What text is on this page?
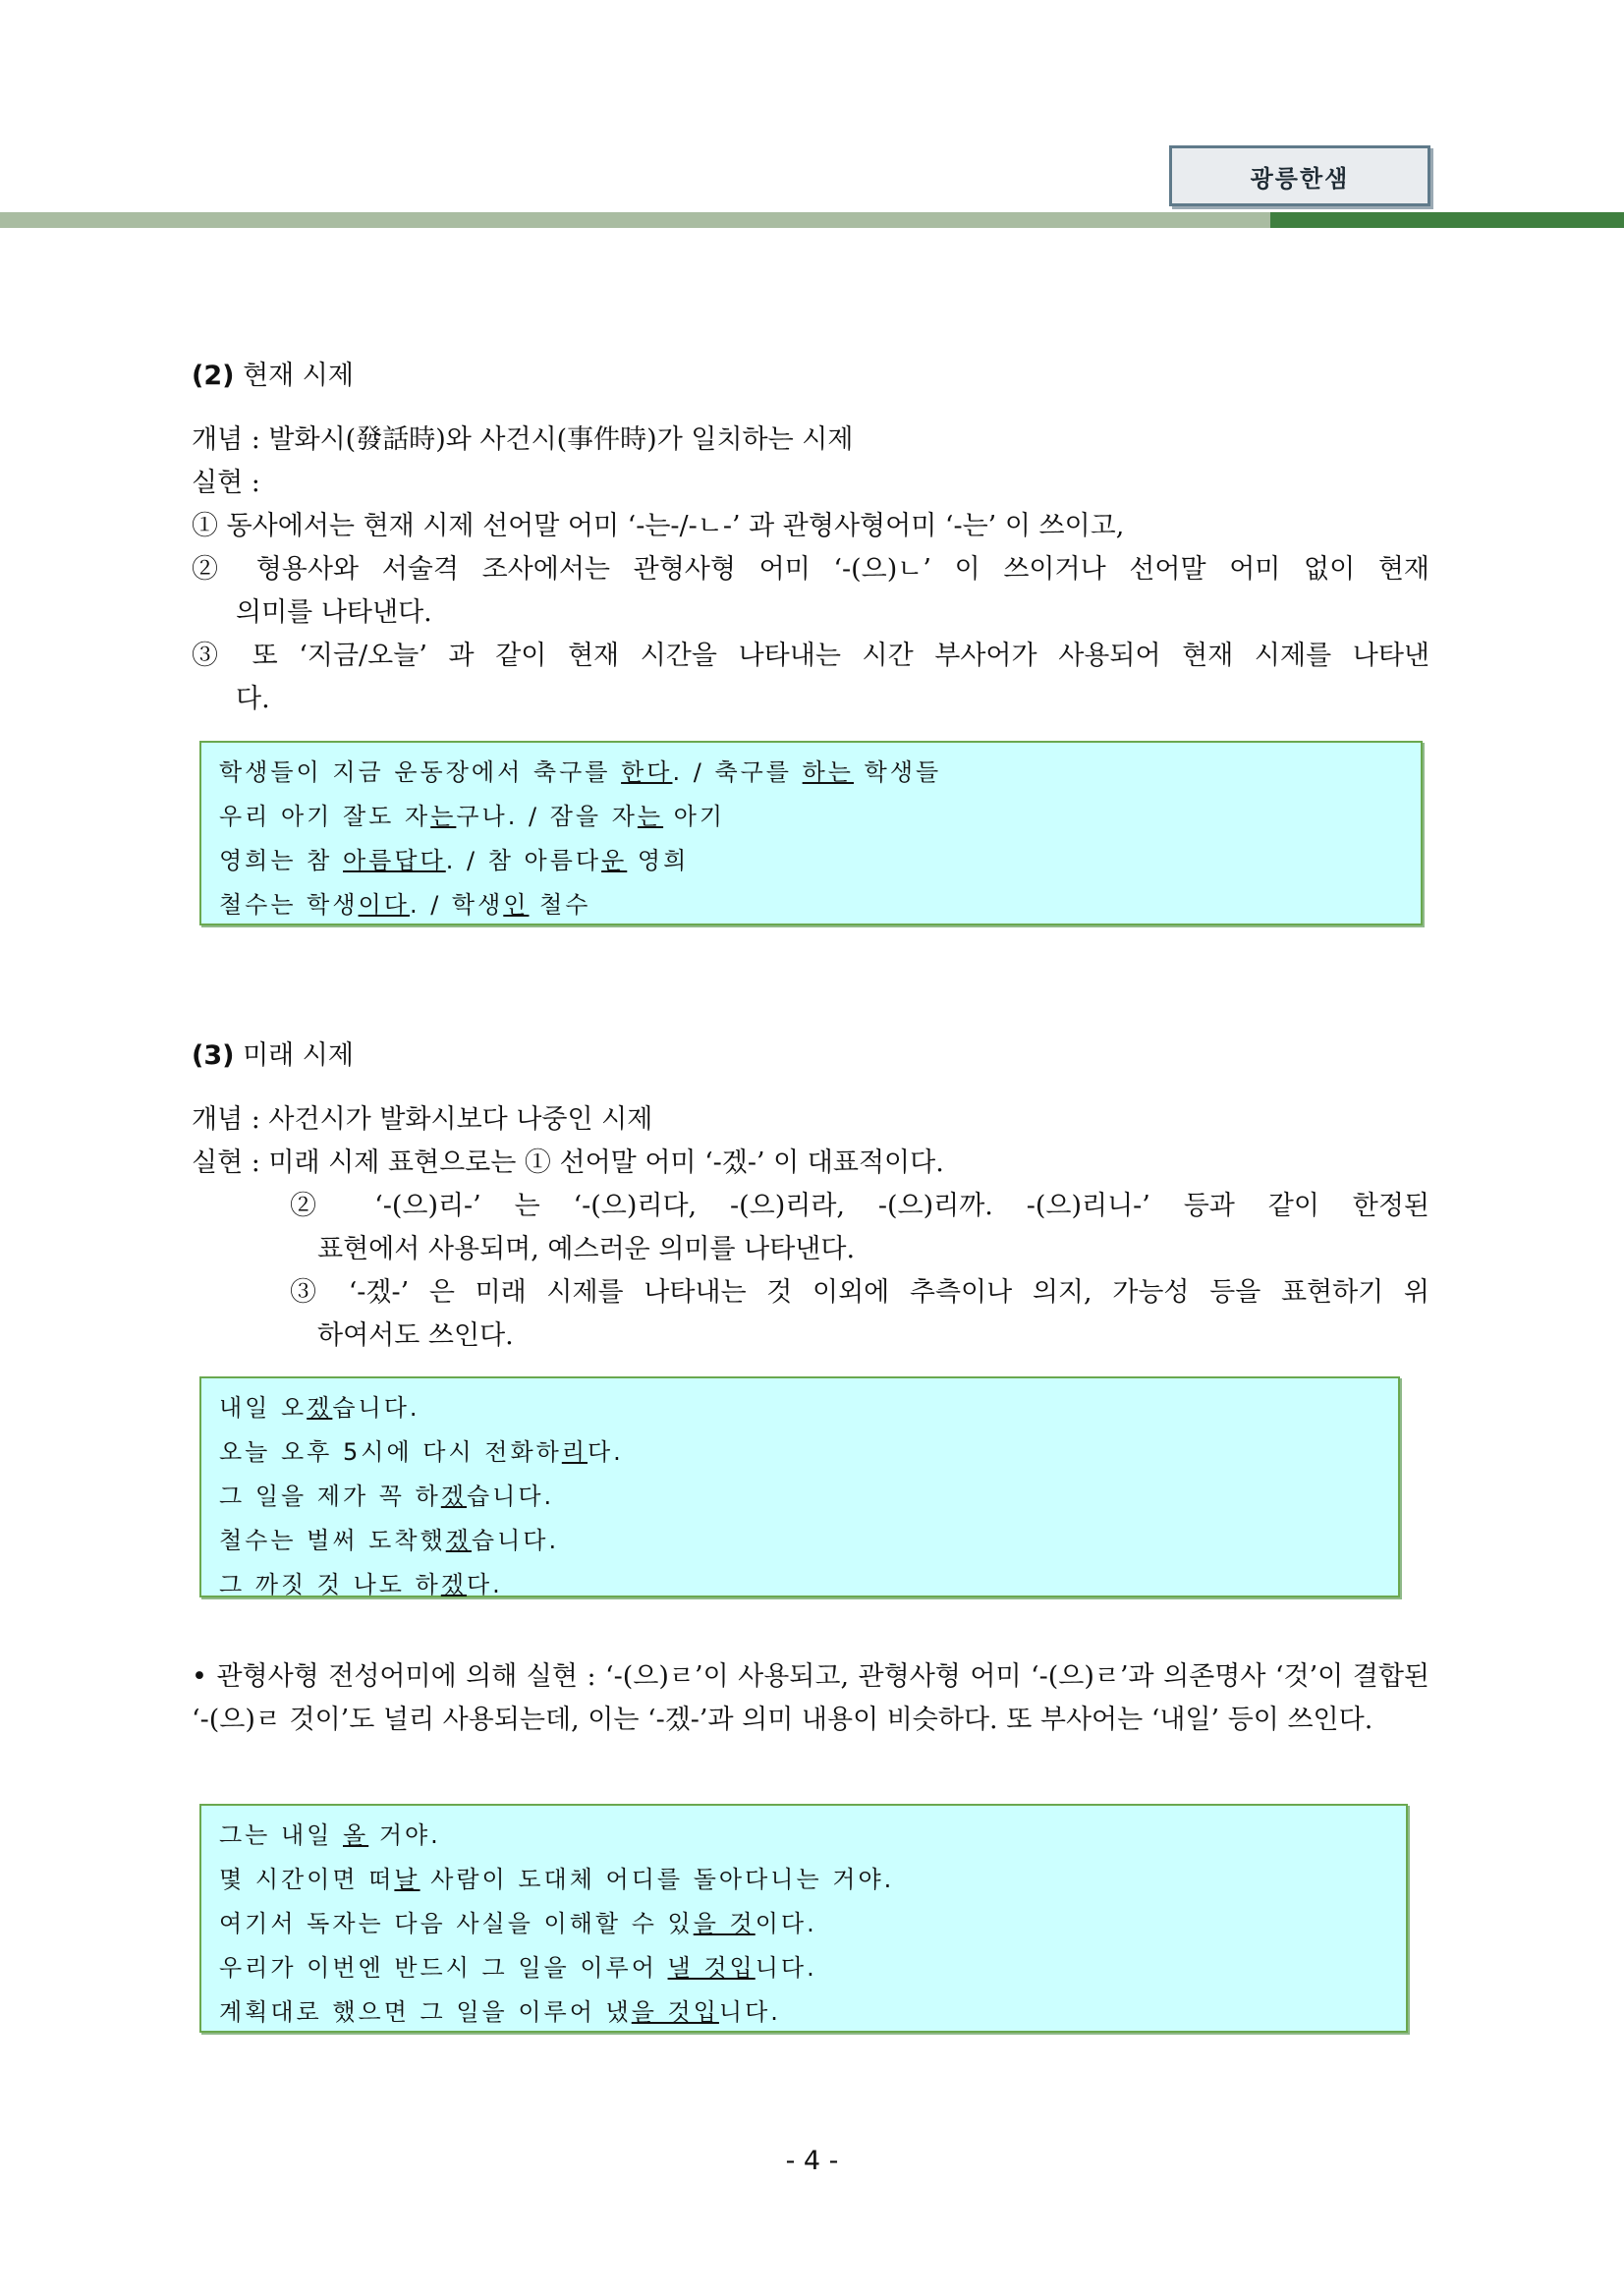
광릉한샘
(2) 현재 시제
개념 : 발화시(發話時)와 사건시(事件時)가 일치하는 시제
실현 :
① 동사에서는 현재 시제 선어말 어미 ‘-는-/-ㄴ-’ 과 관형사형어미 ‘-는’ 이 쓰이고,
② 형용사와 서술격 조사에서는 관형사형 어미 ‘-(으)ㄴ’ 이 쓰이거나 선어말 어미 없이 현재
의미를 나타낸다.
③ 또 ‘지금/오늘’ 과 같이 현재 시간을 나타내는 시간 부사어가 사용되어 현재 시제를 나타낸
다.
학생들이 지금 운동장에서 축구를 한다. / 축구를 하는 학생들
우리 아기 잘도 자는구나. / 잠을 자는 아기
영희는 참 아름답다. / 참 아름다운 영희
철수는 학생이다. / 학생인 철수
(3) 미래 시제
개념 : 사건시가 발화시보다 나중인 시제
실현 : 미래 시제 표현으로는 ① 선어말 어미 ‘-겠-’ 이 대표적이다.
② ‘-(으)리-’ 는 ‘-(으)리다, -(으)리라, -(으)리까. -(으)리니-’ 등과 같이 한정된
표현에서 사용되며, 예스러운 의미를 나타낸다.
③ ‘-겠-’ 은 미래 시제를 나타내는 것 이외에 추측이나 의지, 가능성 등을 표현하기 위
하여서도 쓰인다.
내일 오겠습니다.
오늘 오후 5시에 다시 전화하리다.
그 일을 제가 꼭 하겠습니다.
철수는 벌써 도착했겠습니다.
그 까짓 것 나도 하겠다.
• 관형사형 전성어미에 의해 실현 : ‘-(으)ㄹ’이 사용되고, 관형사형 어미 ‘-(으)ㄹ’과 의존명사 ‘것’이 결합된 ‘-(으)ㄹ 것이’도 널리 사용되는데, 이는 ‘-겠-’과 의미 내용이 비슷하다. 또 부사어는 ‘내일’ 등이 쓰인다.
그는 내일 올 거야.
몇 시간이면 떠날 사람이 도대체 어디를 돌아다니는 거야.
여기서 독자는 다음 사실을 이해할 수 있을 것이다.
우리가 이번엔 반드시 그 일을 이루어 낼 것입니다.
계획대로 했으면 그 일을 이루어 냈을 것입니다.
- 4 -
